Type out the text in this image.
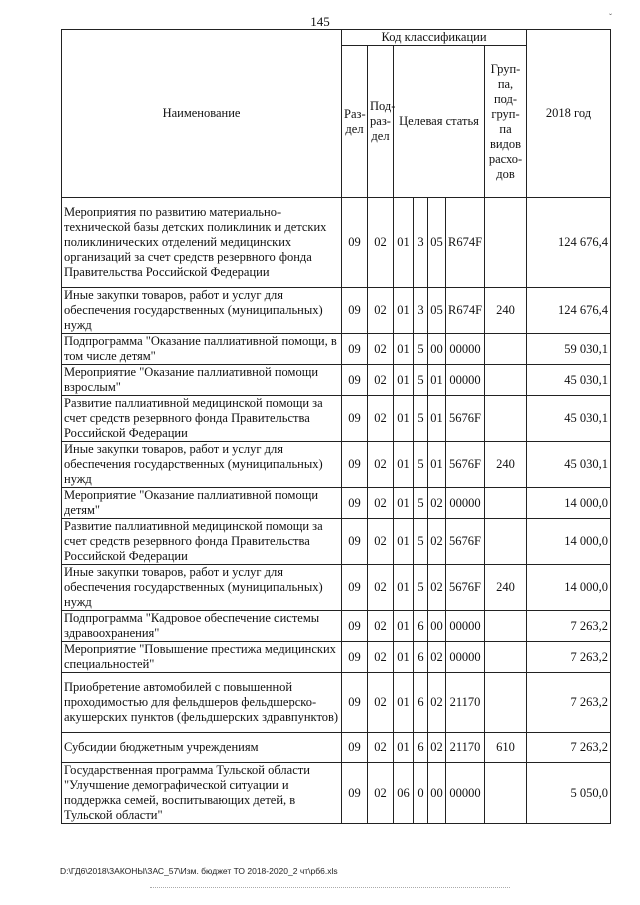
145	ˇ
Наименование	Код классификации							2018 год
	Раз-дел	Под-раз-дел	Целевая статья				Груп-па, под-груп-па видов расхо-дов	
Мероприятия по развитию материально-технической базы детских поликлиник и детских поликлинических отделений медицинских организаций за счет средств резервного фонда Правительства Российской Федерации	09	02	01	3	05	R674F		124 676,4
Иные закупки товаров, работ и услуг для обеспечения государственных (муниципальных) нужд	09	02	01	3	05	R674F	240	124 676,4
Подпрограмма "Оказание паллиативной помощи, в том числе детям"	09	02	01	5	00	00000		59 030,1
Мероприятие "Оказание паллиативной помощи взрослым"	09	02	01	5	01	00000		45 030,1
Развитие паллиативной медицинской помощи за счет средств резервного фонда Правительства Российской Федерации	09	02	01	5	01	5676F		45 030,1
Иные закупки товаров, работ и услуг для обеспечения государственных (муниципальных) нужд	09	02	01	5	01	5676F	240	45 030,1
Мероприятие "Оказание паллиативной помощи детям"	09	02	01	5	02	00000		14 000,0
Развитие паллиативной медицинской помощи за счет средств резервного фонда Правительства Российской Федерации	09	02	01	5	02	5676F		14 000,0
Иные закупки товаров, работ и услуг для обеспечения государственных (муниципальных) нужд	09	02	01	5	02	5676F	240	14 000,0
Подпрограмма "Кадровое обеспечение системы здравоохранения"	09	02	01	6	00	00000		7 263,2
Мероприятие "Повышение престижа медицинских специальностей"	09	02	01	6	02	00000		7 263,2
Приобретение автомобилей с повышенной проходимостью для фельдшеров фельдшерско-акушерских пунктов (фельдшерских здравпунктов)	09	02	01	6	02	21170		7 263,2
Субсидии бюджетным учреждениям	09	02	01	6	02	21170	610	7 263,2
Государственная программа Тульской области "Улучшение демографической ситуации и поддержка семей, воспитывающих детей, в Тульской области"	09	02	06	0	00	00000		5 050,0
D:\ГД6\2018\ЗАКОНЫ\ЗАС_57\Изм. бюджет ТО 2018-2020_2 чт\рб6.xls
